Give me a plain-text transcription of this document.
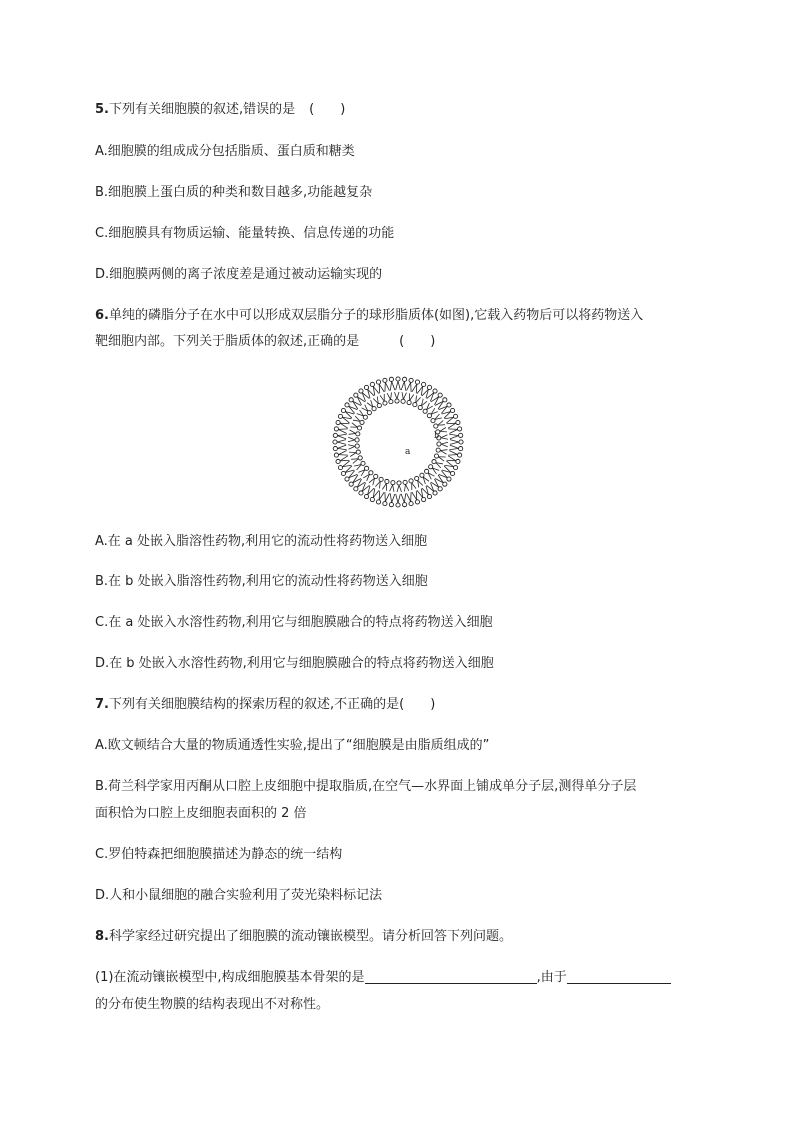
5.下列有关细胞膜的叙述,错误的是 (　　)
A.细胞膜的组成成分包括脂质、蛋白质和糖类
B.细胞膜上蛋白质的种类和数目越多,功能越复杂
C.细胞膜具有物质运输、能量转换、信息传递的功能
D.细胞膜两侧的离子浓度差是通过被动运输实现的
6.单纯的磷脂分子在水中可以形成双层脂分子的球形脂质体(如图),它载入药物后可以将药物送入
靶细胞内部。下列关于脂质体的叙述,正确的是	(　　)
a
b
A.在 a 处嵌入脂溶性药物,利用它的流动性将药物送入细胞
B.在 b 处嵌入脂溶性药物,利用它的流动性将药物送入细胞
C.在 a 处嵌入水溶性药物,利用它与细胞膜融合的特点将药物送入细胞
D.在 b 处嵌入水溶性药物,利用它与细胞膜融合的特点将药物送入细胞
7.下列有关细胞膜结构的探索历程的叙述,不正确的是(　　)
A.欧文顿结合大量的物质通透性实验,提出了“细胞膜是由脂质组成的”
B.荷兰科学家用丙酮从口腔上皮细胞中提取脂质,在空气—水界面上铺成单分子层,测得单分子层
面积恰为口腔上皮细胞表面积的 2 倍
C.罗伯特森把细胞膜描述为静态的统一结构
D.人和小鼠细胞的融合实验利用了荧光染料标记法
8.科学家经过研究提出了细胞膜的流动镶嵌模型。请分析回答下列问题。
(1)在流动镶嵌模型中,构成细胞膜基本骨架的是	,由于
的分布使生物膜的结构表现出不对称性。
